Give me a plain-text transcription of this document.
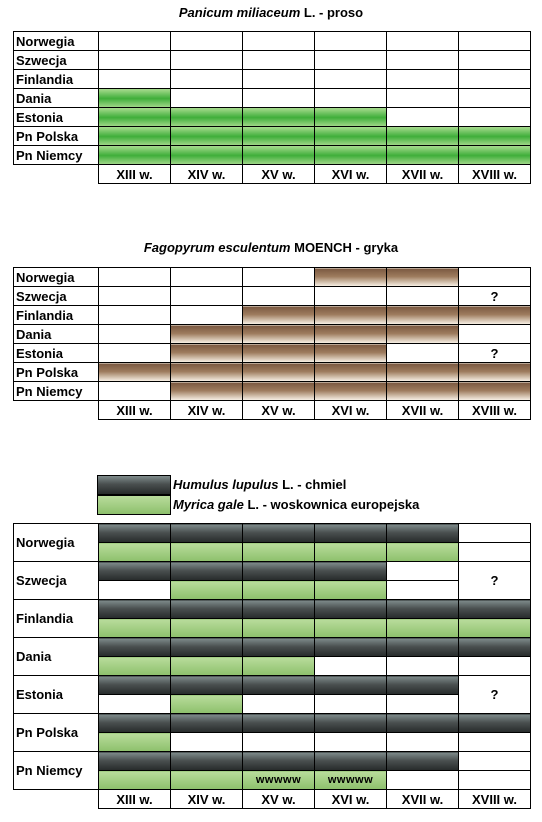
Panicum miliaceum L. - proso
Norwegia						
Szwecja						
Finlandia						
Dania						
Estonia						
Pn Polska						
Pn Niemcy						
	XIII w.	XIV w.	XV w.	XVI w.	XVII w.	XVIII w.
Fagopyrum esculentum MOENCH - gryka
Norwegia						
Szwecja						?
Finlandia						
Dania						
Estonia						?
Pn Polska						
Pn Niemcy						
	XIII w.	XIV w.	XV w.	XVI w.	XVII w.	XVIII w.
Humulus lupulus L. - chmiel
Myrica gale L. - woskownica europejska
Norwegia						

Szwecja						?

Finlandia						

Dania						

Estonia						?

Pn Polska						

Pn Niemcy						
			wwwww	wwwww		
	XIII w.	XIV w.	XV w.	XVI w.	XVII w.	XVIII w.
